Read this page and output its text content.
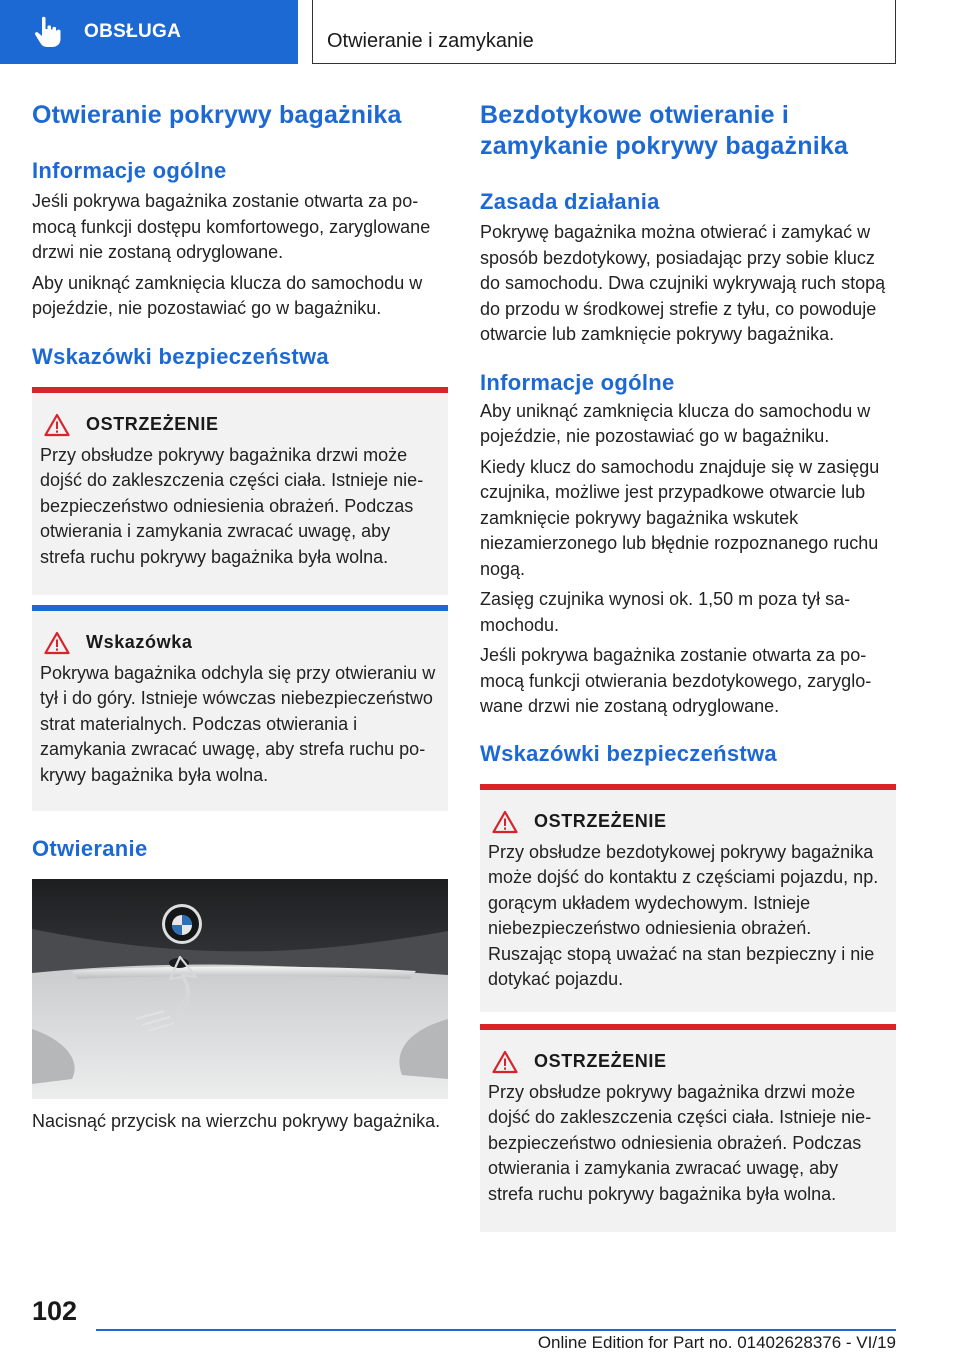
OBSŁUGA	Otwieranie i zamykanie
Otwieranie pokrywy bagażnika
Informacje ogólne

Jeśli pokrywa bagażnika zostanie otwarta za pomocą funkcji dostępu komfortowego, zaryglowane drzwi nie zostaną odryglowane.

Aby uniknąć zamknięcia klucza do samochodu w pojeździe, nie pozostawiać go w bagażniku.

Wskazówki bezpieczeństwa
OSTRZEŻENIE

Przy obsłudze pokrywy bagażnika drzwi może dojść do zakleszczenia części ciała. Istnieje niebezpieczeństwo odniesienia obrażeń. Podczas otwierania i zamykania zwracać uwagę, aby strefa ruchu pokrywy bagażnika była wolna.

Wskazówka

Pokrywa bagażnika odchyla się przy otwieraniu w tył i do góry. Istnieje wówczas niebezpieczeństwo strat materialnych. Podczas otwierania i zamykania zwracać uwagę, aby strefa ruchu pokrywy bagażnika była wolna.

Otwieranie

Nacisnąć przycisk na wierzchu pokrywy bagażnika.

Bezdotykowe otwieranie i zamykanie pokrywy bagażnika
Zasada działania

Pokrywę bagażnika można otwierać i zamykać w sposób bezdotykowy, posiadając przy sobie klucz do samochodu. Dwa czujniki wykrywają ruch stopą do przodu w środkowej strefie z tyłu, co powoduje otwarcie lub zamknięcie pokrywy bagażnika.

Informacje ogólne

Aby uniknąć zamknięcia klucza do samochodu w pojeździe, nie pozostawiać go w bagażniku.

Kiedy klucz do samochodu znajduje się w zasięgu czujnika, możliwe jest przypadkowe otwarcie lub zamknięcie pokrywy bagażnika wskutek niezamierzonego lub błędnie rozpoznanego ruchu nogą.

Zasięg czujnika wynosi ok. 1,50 m poza tył samochodu.

Jeśli pokrywa bagażnika zostanie otwarta za pomocą funkcji otwierania bezdotykowego, zaryglowane drzwi nie zostaną odryglowane.

Wskazówki bezpieczeństwa
OSTRZEŻENIE

Przy obsłudze bezdotykowej pokrywy bagażnika może dojść do kontaktu z częściami pojazdu, np. gorącym układem wydechowym. Istnieje niebezpieczeństwo odniesienia obrażeń. Ruszając stopą uważać na stan bezpieczny i nie dotykać pojazdu.

OSTRZEŻENIE

Przy obsłudze pokrywy bagażnika drzwi może dojść do zakleszczenia części ciała. Istnieje niebezpieczeństwo odniesienia obrażeń. Podczas otwierania i zamykania zwracać uwagę, aby strefa ruchu pokrywy bagażnika była wolna.

102
Online Edition for Part no. 01402628376 - VI/19
